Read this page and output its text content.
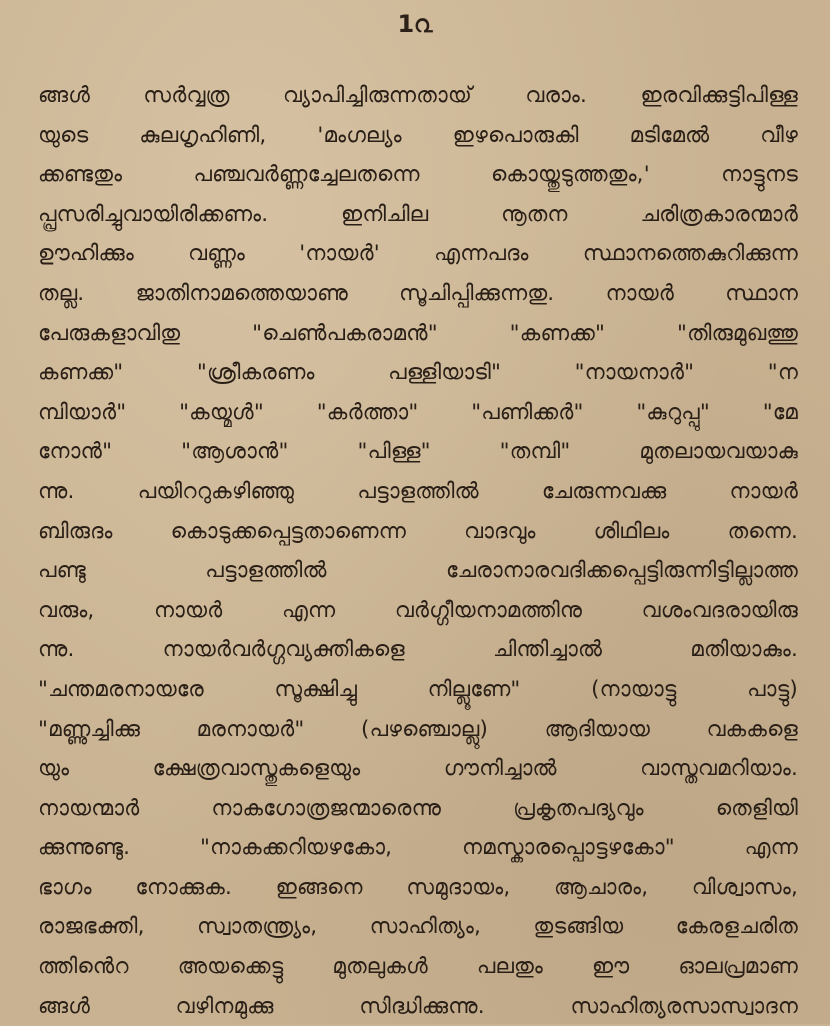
1൨
ങ്ങൾ സർവ്വത്ര വ്യാപിച്ചിരുന്നതായ് വരാം. ഇരവിക്കുട്ടിപിള്ള
യുടെ കുലഗൃഹിണി, 'മംഗല്യം ഇഴപൊരുകി മടിമേൽ വീഴ
ക്കണ്ടതും പഞ്ചവർണ്ണച്ചേലതന്നെ കൊയ്തുടുത്തതും,' നാട്ടുനട
പ്പ്രസരിച്ചുവായിരിക്കണം. ഇനിചില നൂതന ചരിത്രകാരന്മാർ
ഊഹിക്കും വണ്ണം 'നായർ' എന്നപദം സ്ഥാനത്തെകുറിക്കുന്ന
തല്ല. ജാതിനാമത്തെയാണു സൂചിപ്പിക്കുന്നതു. നായർ സ്ഥാന
പേരുകളാവിതു "ചെൺപകരാമൻ" "കണക്ക" "തിരുമുഖത്തു
കണക്ക" "ശ്രീകരണം പള്ളിയാടി" "നായനാർ" "ന
മ്പിയാർ" "കയ്മൾ" "കർത്താ" "പണിക്കർ" "കുറുപ്പു" "മേ
നോൻ" "ആശാൻ" "പിള്ള" "തമ്പി" മുതലായവയാകു
ന്നു. പയിററുകഴിഞ്ഞു പട്ടാളത്തിൽ ചേരുന്നവക്കു നായർ
ബിരുദം കൊടുക്കപ്പെട്ടതാണെന്ന വാദവും ശിഥിലം തന്നെ.
പണ്ടു പട്ടാളത്തിൽ ചേരാനാരവദിക്കപ്പെട്ടിരുന്നിട്ടില്ലാത്ത
വരും, നായർ എന്ന വർഗ്ഗീയനാമത്തിനു വശംവദരായിരു
ന്നു. നായർവർഗ്ഗവ്യക്തികളെ ചിന്തിച്ചാൽ മതിയാകും.
"ചന്തമരനായരേ സൂക്ഷിച്ചു നില്ലൂണേ" (നായാട്ടു പാട്ടു)
"മണ്ണുച്ചിക്കു മരനായർ" (പഴഞ്ചൊല്ലു) ആദിയായ വകകളെ
യും ക്ഷേത്രവാസ്തുകളെയും ഗൗനിച്ചാൽ വാസ്തവമറിയാം.
നായന്മാർ നാകഗോത്രജന്മാരെന്നു പ്രകൃതപദ്യവും തെളിയി
ക്കുന്നുണ്ടു. "നാകക്കറിയഴകോ, നമസ്കാരപ്പൊട്ടഴകോ" എന്ന
ഭാഗം നോക്കുക. ഇങ്ങനെ സമുദായം, ആചാരം, വിശ്വാസം,
രാജഭക്തി, സ്വാതന്ത്ര്യം, സാഹിത്യം, തുടങ്ങിയ കേരളചരിത
ത്തിൻെറ അയക്കെട്ടു മുതലുകൾ പലതും ഈ ഓലപ്രമാണ
ങ്ങൾ വഴിനമുക്കു സിദ്ധിക്കുന്നു. സാഹിത്യരസാസ്വാദന
